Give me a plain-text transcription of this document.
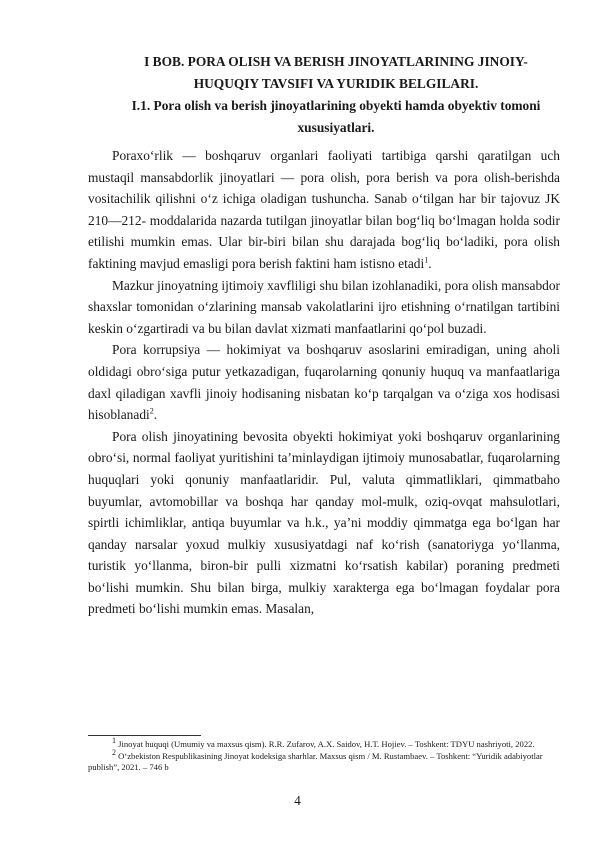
I BOB. PORA OLISH VA BERISH JINOYATLARINING JINOIY-HUQUQIY TAVSIFI VA YURIDIK BELGILARI.
I.1. Pora olish va berish jinoyatlarining obyekti hamda obyektiv tomoni xususiyatlari.

Poraxo‘rlik — boshqaruv organlari faoliyati tartibiga qarshi qaratilgan uch mustaqil mansabdorlik jinoyatlari — pora olish, pora berish va pora olish-berishda vositachilik qilishni o‘z ichiga oladigan tushuncha. Sanab o‘tilgan har bir tajovuz JK 210—212- moddalarida nazarda tutilgan jinoyatlar bilan bog‘liq bo‘lmagan holda sodir etilishi mumkin emas. Ular bir-biri bilan shu darajada bog‘liq bo‘ladiki, pora olish faktining mavjud emasligi pora berish faktini ham istisno etadi$^1$.

Mazkur jinoyatning ijtimoiy xavfliligi shu bilan izohlanadiki, pora olish mansabdor shaxslar tomonidan o‘zlarining mansab vakolatlarini ijro etishning o‘rnatilgan tartibini keskin o‘zgartiradi va bu bilan davlat xizmati manfaatlarini qo‘pol buzadi.

Pora korrupsiya — hokimiyat va boshqaruv asoslarini emiradigan, uning aholi oldidagi obro‘siga putur yetkazadigan, fuqarolarning qonuniy huquq va manfaatlariga daxl qiladigan xavfli jinoiy hodisaning nisbatan ko‘p tarqalgan va o‘ziga xos hodisasi hisoblanadi$^2$.

Pora olish jinoyatining bevosita obyekti hokimiyat yoki boshqaruv organlarining obro‘si, normal faoliyat yuritishini ta’minlaydigan ijtimoiy munosabatlar, fuqarolarning huquqlari yoki qonuniy manfaatlaridir. Pul, valuta qimmatliklari, qimmatbaho buyumlar, avtomobillar va boshqa har qanday mol-mulk, oziq-ovqat mahsulotlari, spirtli ichimliklar, antiqa buyumlar va h.k., ya’ni moddiy qimmatga ega bo‘lgan har qanday narsalar yoxud mulkiy xususiyatdagi naf ko‘rish (sanatoriyga yo‘llanma, turistik yo‘llanma, biron-bir pulli xizmatni ko‘rsatish kabilar) poraning predmeti bo‘lishi mumkin. Shu bilan birga, mulkiy xarakterga ega bo‘lmagan foydalar pora predmeti bo‘lishi mumkin emas. Masalan,

$^1$ Jinoyat huquqi (Umumiy va maxsus qism). R.R. Zufarov, A.X. Saidov, H.T. Hojiev. – Toshkent: TDYU nashriyoti, 2022.

$^2$ O‘zbekiston Respublikasining Jinoyat kodeksiga sharhlar. Maxsus qism / M. Rustambaev. – Toshkent: “Yuridik adabiyotlar publish”, 2021. – 746 b

4
